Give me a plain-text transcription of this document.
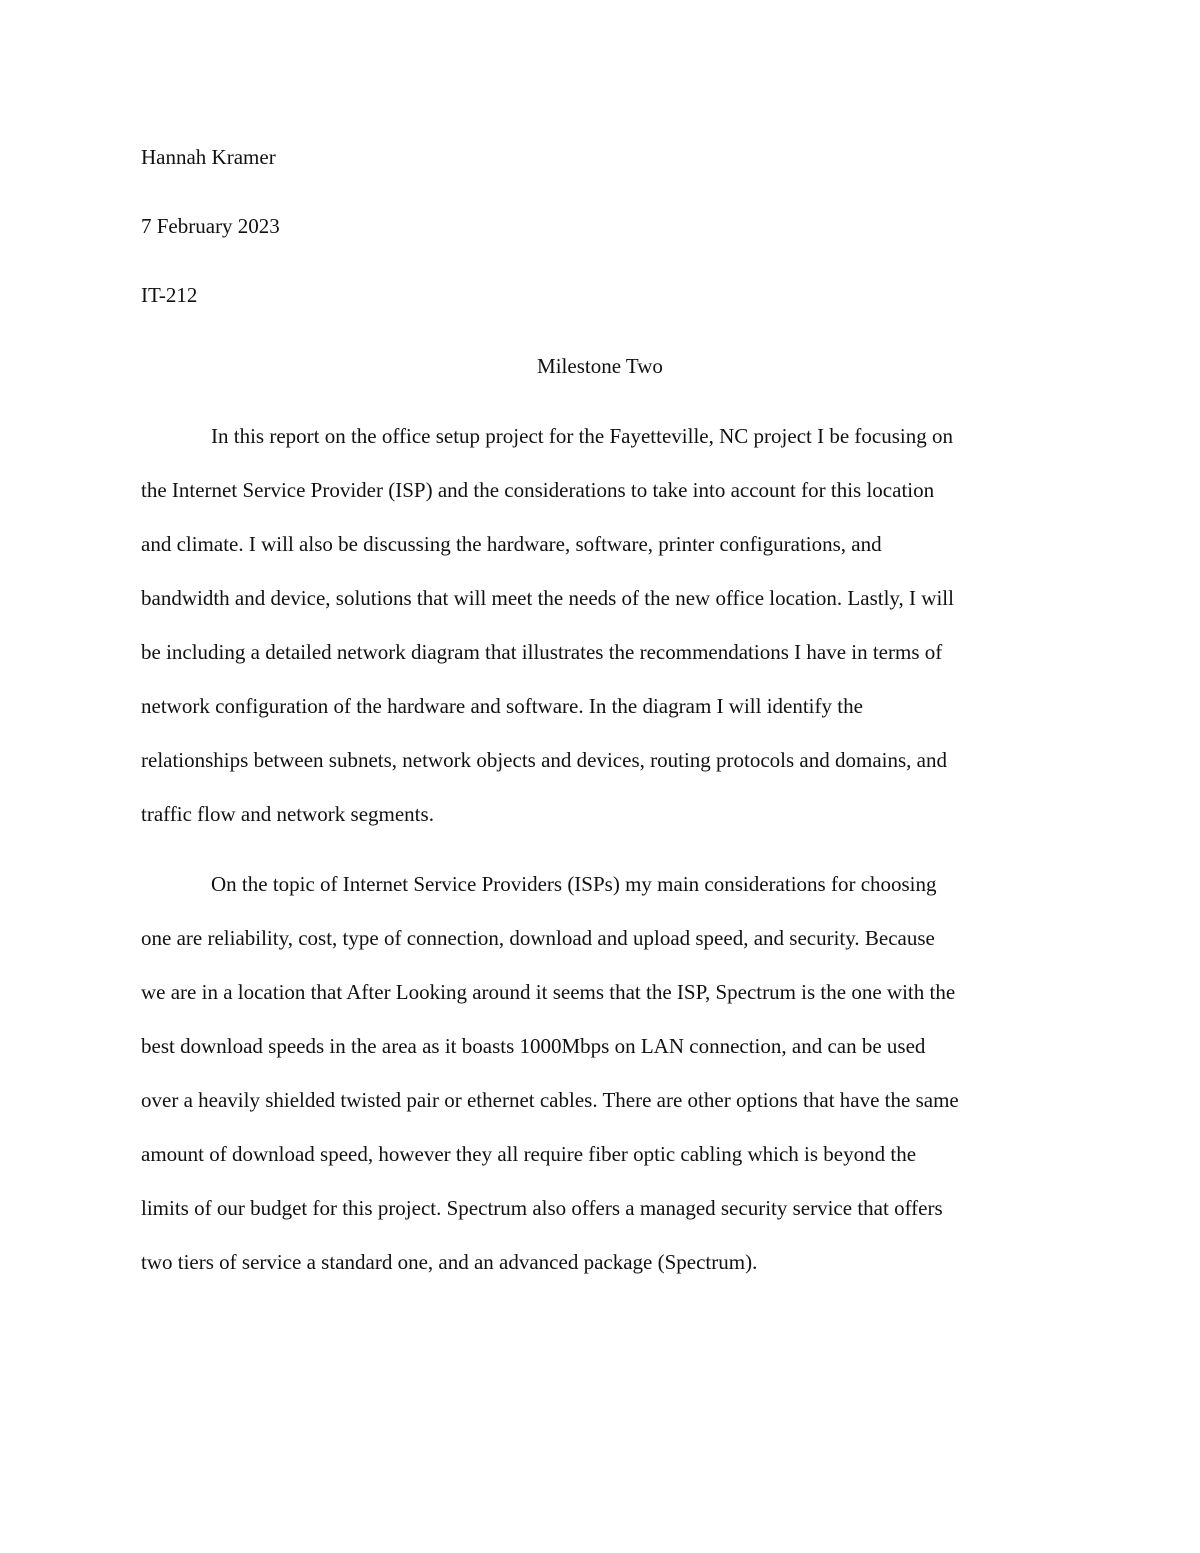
Hannah Kramer
7 February 2023
IT-212
Milestone Two
In this report on the office setup project for the Fayetteville, NC project I be focusing on
the Internet Service Provider (ISP) and the considerations to take into account for this location
and climate. I will also be discussing the hardware, software, printer configurations, and
bandwidth and device, solutions that will meet the needs of the new office location. Lastly, I will
be including a detailed network diagram that illustrates the recommendations I have in terms of
network configuration of the hardware and software. In the diagram I will identify the
relationships between subnets, network objects and devices, routing protocols and domains, and
traffic flow and network segments.
On the topic of Internet Service Providers (ISPs) my main considerations for choosing
one are reliability, cost, type of connection, download and upload speed, and security. Because
we are in a location that After Looking around it seems that the ISP, Spectrum is the one with the
best download speeds in the area as it boasts 1000Mbps on LAN connection, and can be used
over a heavily shielded twisted pair or ethernet cables. There are other options that have the same
amount of download speed, however they all require fiber optic cabling which is beyond the
limits of our budget for this project. Spectrum also offers a managed security service that offers
two tiers of service a standard one, and an advanced package (Spectrum).
